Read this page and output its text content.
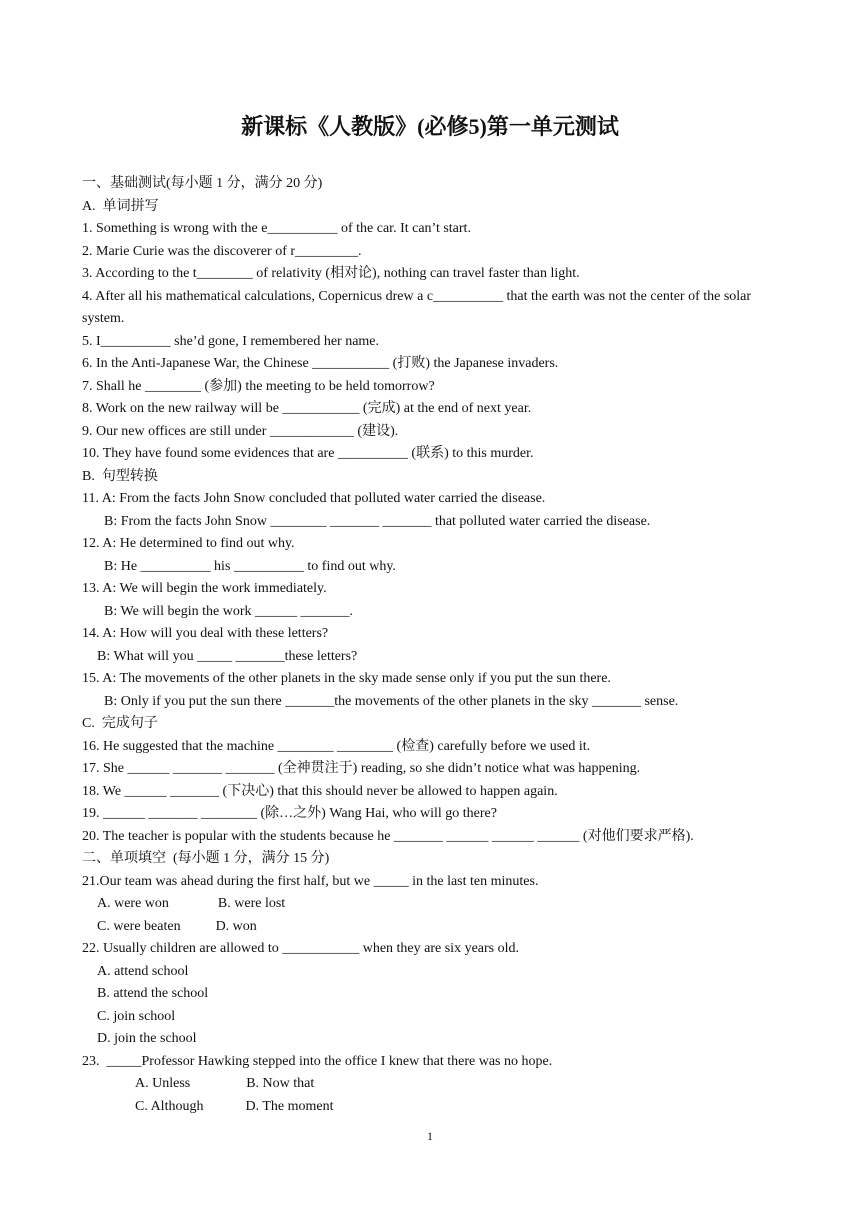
新课标《人教版》(必修5)第一单元测试

一、基础测试(每小题 1 分，满分 20 分)

A.  单词拼写

1. Something is wrong with the e__________ of the car. It can’t start.

2. Marie Curie was the discoverer of r_________.

3. According to the t________ of relativity (相对论), nothing can travel faster than light.

4. After all his mathematical calculations, Copernicus drew a c__________ that the earth was not the center of the solar system.

5. I__________ she’d gone, I remembered her name.

6. In the Anti-Japanese War, the Chinese ___________ (打败) the Japanese invaders.

7. Shall he ________ (参加) the meeting to be held tomorrow?

8. Work on the new railway will be ___________ (完成) at the end of next year.

9. Our new offices are still under ____________ (建设).

10. They have found some evidences that are __________ (联系) to this murder.

B.  句型转换

11. A: From the facts John Snow concluded that polluted water carried the disease.

B: From the facts John Snow ________ _______ _______ that polluted water carried the disease.

12. A: He determined to find out why.

B: He __________ his __________ to find out why.

13. A: We will begin the work immediately.

B: We will begin the work ______ _______.

14. A: How will you deal with these letters?

B: What will you _____ _______these letters?

15. A: The movements of the other planets in the sky made sense only if you put the sun there.

B: Only if you put the sun there _______the movements of the other planets in the sky _______ sense.

C.  完成句子

16. He suggested that the machine ________ ________ (检查) carefully before we used it.

17. She ______ _______ _______ (全神贯注于) reading, so she didn’t notice what was happening.

18. We ______ _______ (下决心) that this should never be allowed to happen again.

19. ______ _______ ________ (除…之外) Wang Hai, who will go there?

20. The teacher is popular with the students because he _______ ______ ______ ______ (对他们要求严格).

二、单项填空  (每小题 1 分，满分 15 分)

21.Our team was ahead during the first half, but we _____ in the last ten minutes.

A. were won              B. were lost

C. were beaten          D. won

22. Usually children are allowed to ___________ when they are six years old.

A. attend school

B. attend the school

C. join school

D. join the school

23.  _____Professor Hawking stepped into the office I knew that there was no hope.

A. Unless                B. Now that

C. Although            D. The moment

1
